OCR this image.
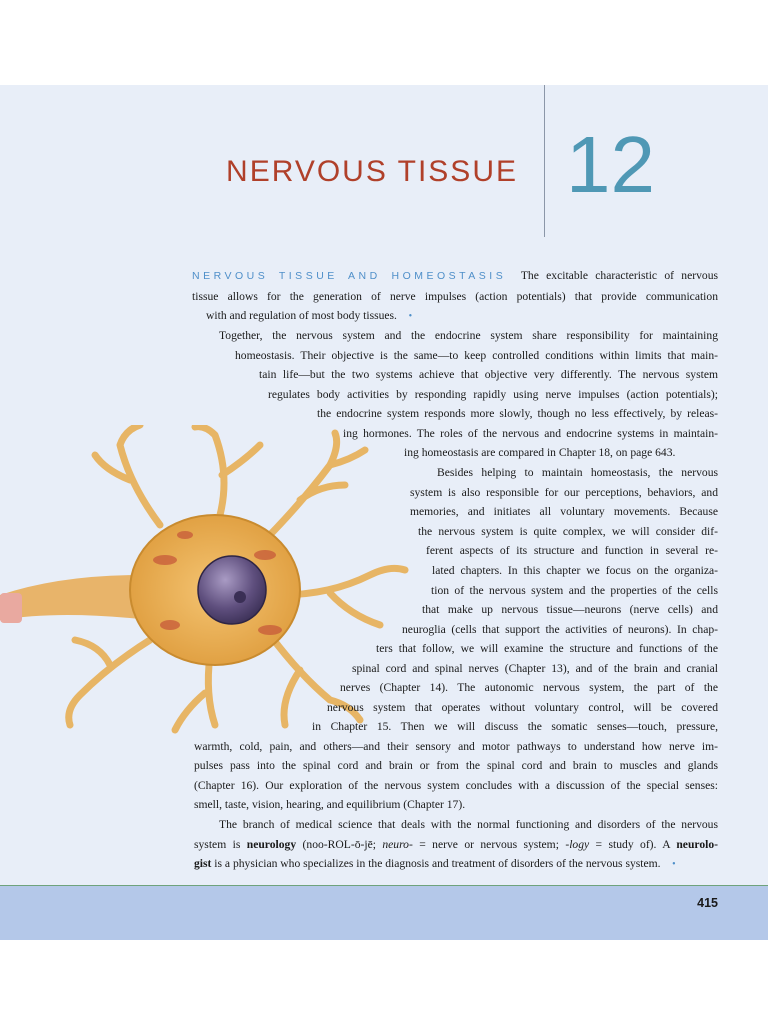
NERVOUS TISSUE 12
NERVOUS TISSUE AND HOMEOSTASIS The excitable characteristic of nervous
tissue allows for the generation of nerve impulses (action potentials) that provide communication
with and regulation of most body tissues. •
Together, the nervous system and the endocrine system share responsibility for maintaining
homeostasis. Their objective is the same—to keep controlled conditions within limits that main-
tain life—but the two systems achieve that objective very differently. The nervous system
regulates body activities by responding rapidly using nerve impulses (action potentials);
the endocrine system responds more slowly, though no less effectively, by releas-
ing hormones. The roles of the nervous and endocrine systems in maintain-
ing homeostasis are compared in Chapter 18, on page 643.
Besides helping to maintain homeostasis, the nervous
system is also responsible for our perceptions, behaviors, and
memories, and initiates all voluntary movements. Because
the nervous system is quite complex, we will consider dif-
ferent aspects of its structure and function in several re-
lated chapters. In this chapter we focus on the organiza-
tion of the nervous system and the properties of the cells
that make up nervous tissue—neurons (nerve cells) and
neuroglia (cells that support the activities of neurons). In chap-
ters that follow, we will examine the structure and functions of the
spinal cord and spinal nerves (Chapter 13), and of the brain and cranial
nerves (Chapter 14). The autonomic nervous system, the part of the
nervous system that operates without voluntary control, will be covered
in Chapter 15. Then we will discuss the somatic senses—touch, pressure,
warmth, cold, pain, and others—and their sensory and motor pathways to understand how nerve im-
pulses pass into the spinal cord and brain or from the spinal cord and brain to muscles and glands
(Chapter 16). Our exploration of the nervous system concludes with a discussion of the special senses:
smell, taste, vision, hearing, and equilibrium (Chapter 17).
The branch of medical science that deals with the normal functioning and disorders of the nervous
system is neurology (noo-ROL-ō-jē; neuro- = nerve or nervous system; -logy = study of). A neurolo-
gist is a physician who specializes in the diagnosis and treatment of disorders of the nervous system. •
415
